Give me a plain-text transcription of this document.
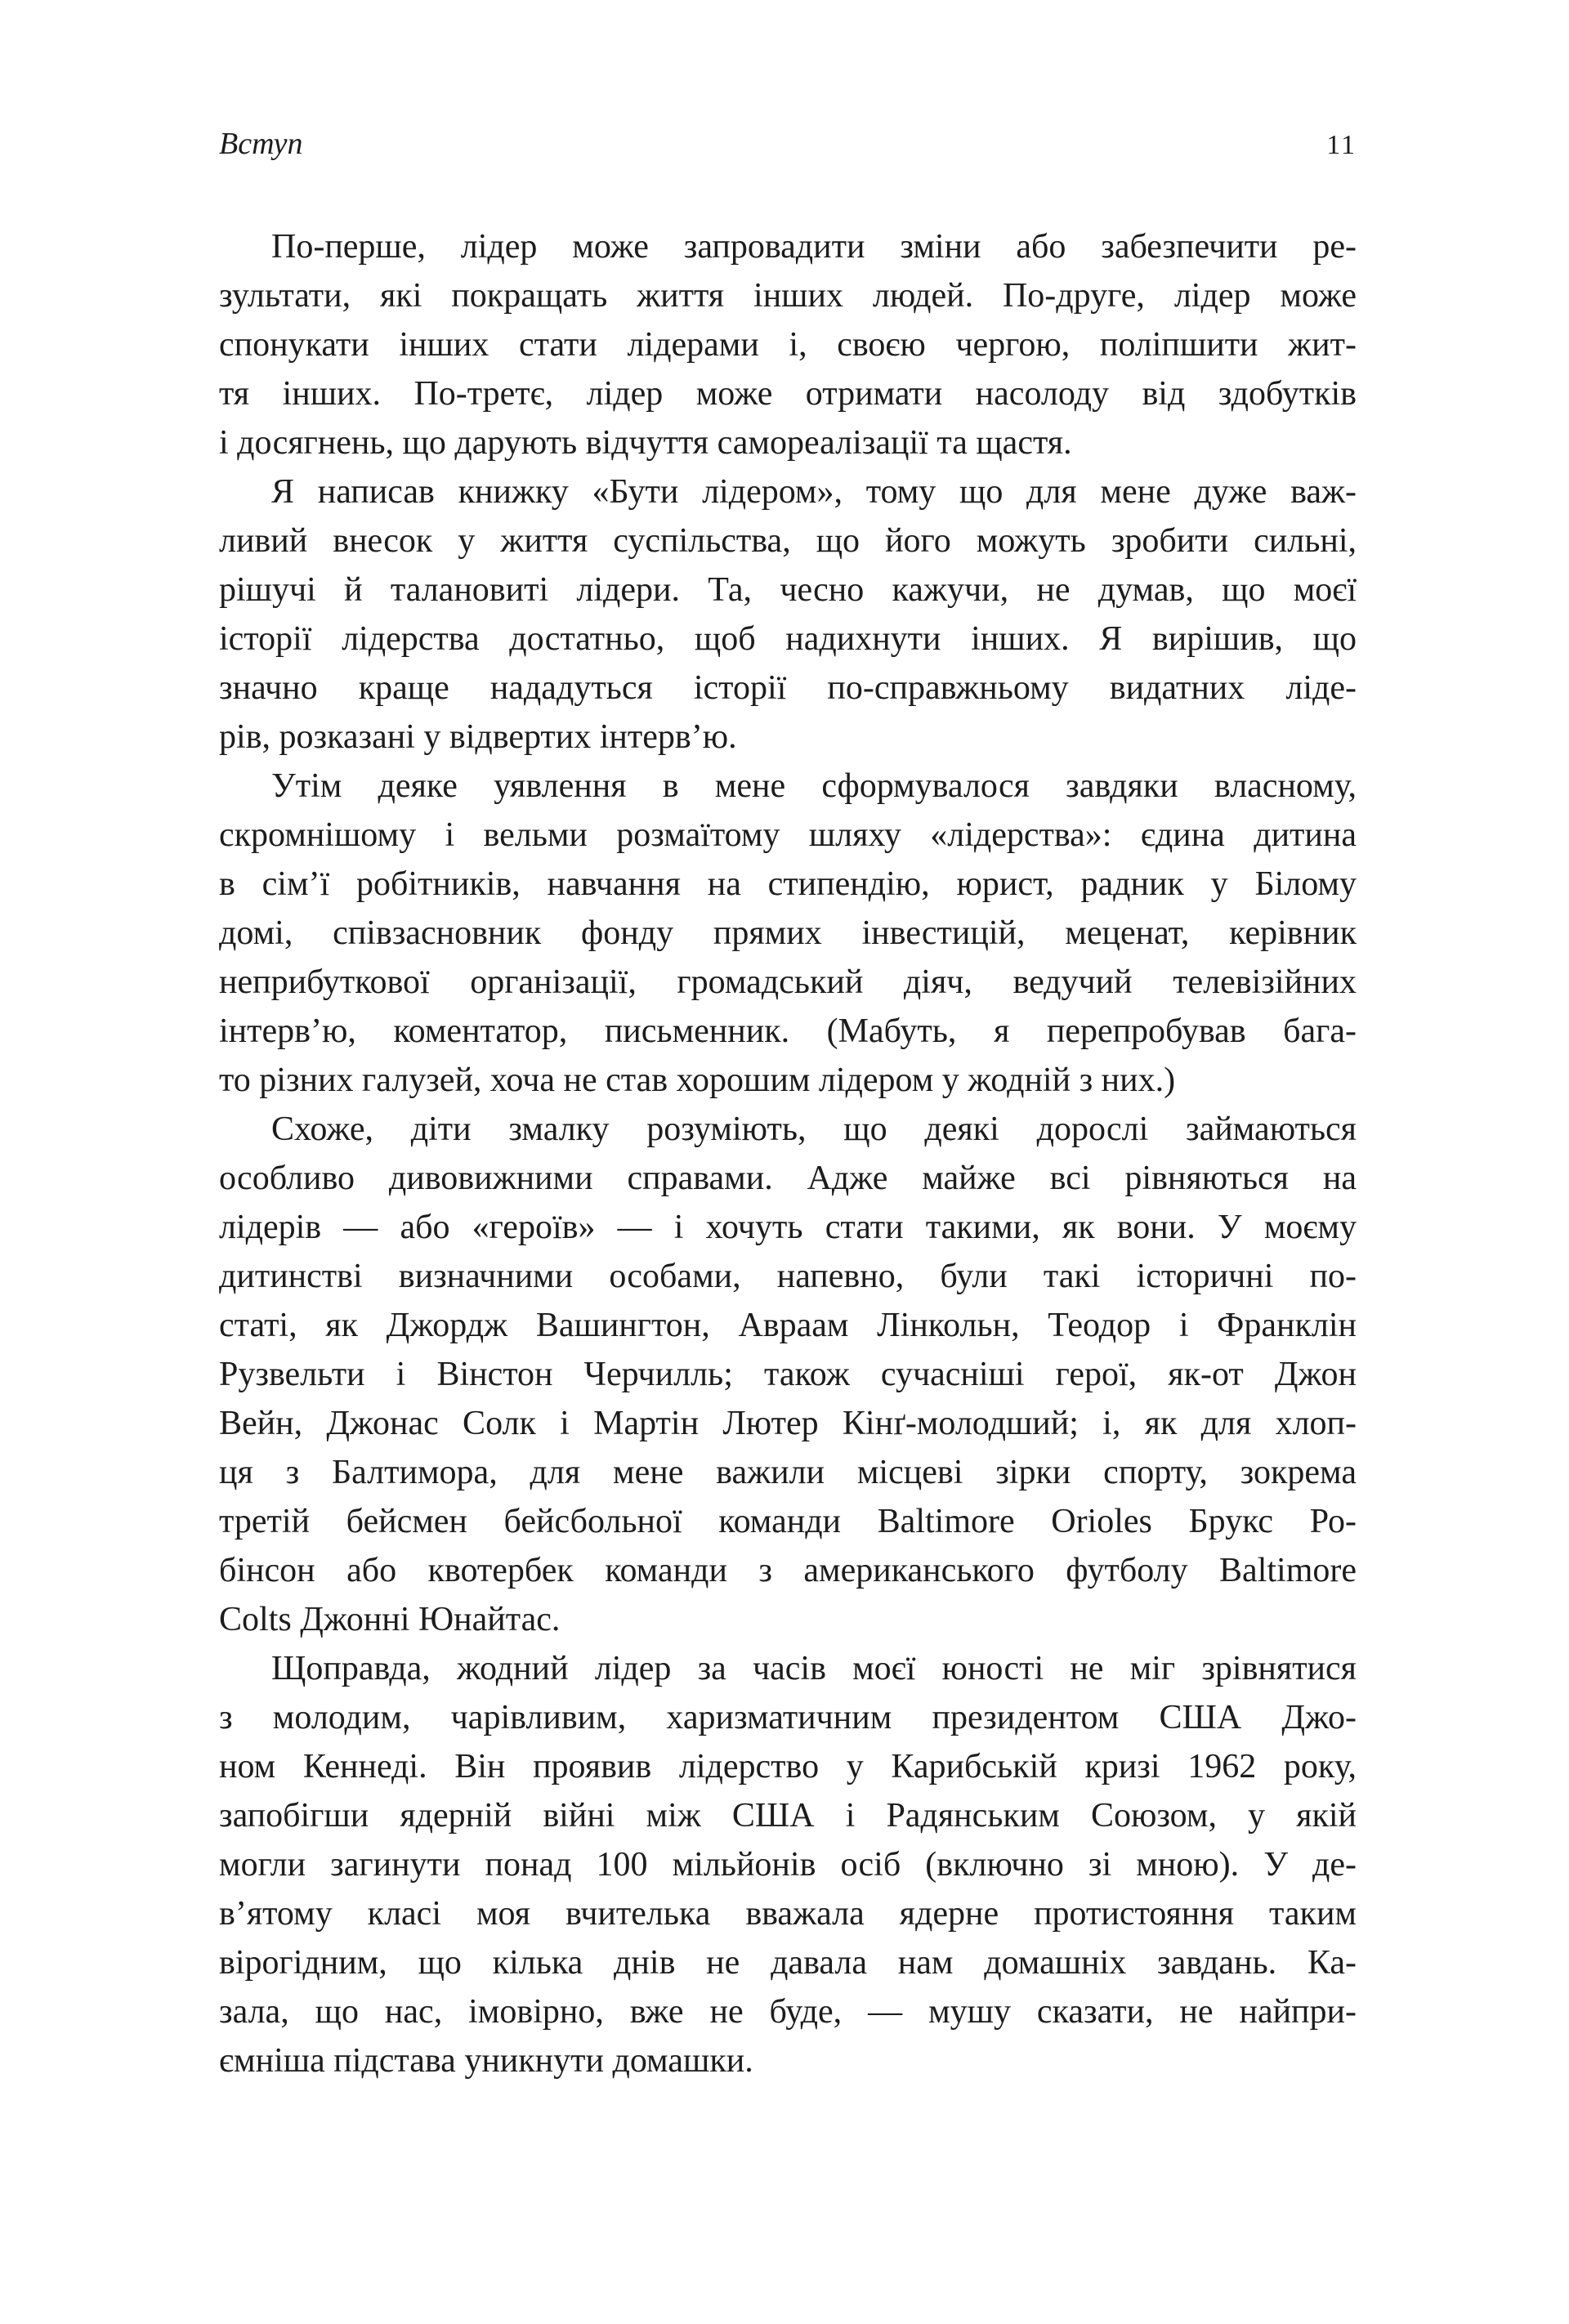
Вступ	11
По-перше, лідер може запровадити зміни або забезпечити ре-
зультати, які покращать життя інших людей. По-друге, лідер може
спонукати інших стати лідерами і, своєю чергою, поліпшити жит-
тя інших. По-третє, лідер може отримати насолоду від здобутків
і досягнень, що дарують відчуття самореалізації та щастя.
Я написав книжку «Бути лідером», тому що для мене дуже важ-
ливий внесок у життя суспільства, що його можуть зробити сильні,
рішучі й талановиті лідери. Та, чесно кажучи, не думав, що моєї
історії лідерства достатньо, щоб надихнути інших. Я вирішив, що
значно краще нададуться історії по-справжньому видатних ліде-
рів, розказані у відвертих інтерв’ю.
Утім деяке уявлення в мене сформувалося завдяки власному,
скромнішому і вельми розмаїтому шляху «лідерства»: єдина дитина
в сім’ї робітників, навчання на стипендію, юрист, радник у Білому
домі, співзасновник фонду прямих інвестицій, меценат, керівник
неприбуткової організації, громадський діяч, ведучий телевізійних
інтерв’ю, коментатор, письменник. (Мабуть, я перепробував бага-
то різних галузей, хоча не став хорошим лідером у жодній з них.)
Схоже, діти змалку розуміють, що деякі дорослі займаються
особливо дивовижними справами. Адже майже всі рівняються на
лідерів — або «героїв» — і хочуть стати такими, як вони. У моєму
дитинстві визначними особами, напевно, були такі історичні по-
статі, як Джордж Вашингтон, Авраам Лінкольн, Теодор і Франклін
Рузвельти і Вінстон Черчилль; також сучасніші герої, як-от Джон
Вейн, Джонас Солк і Мартін Лютер Кінґ-молодший; і, як для хлоп-
ця з Балтимора, для мене важили місцеві зірки спорту, зокрема
третій бейсмен бейсбольної команди Baltimore Orioles Брукс Ро-
бінсон або квотербек команди з американського футболу Baltimore
Colts Джонні Юнайтас.
Щоправда, жодний лідер за часів моєї юності не міг зрівнятися
з молодим, чарівливим, харизматичним президентом США Джо-
ном Кеннеді. Він проявив лідерство у Карибській кризі 1962 року,
запобігши ядерній війні між США і Радянським Союзом, у якій
могли загинути понад 100 мільйонів осіб (включно зі мною). У де-
в’ятому класі моя вчителька вважала ядерне протистояння таким
вірогідним, що кілька днів не давала нам домашніх завдань. Ка-
зала, що нас, імовірно, вже не буде, — мушу сказати, не найпри-
ємніша підстава уникнути домашки.
